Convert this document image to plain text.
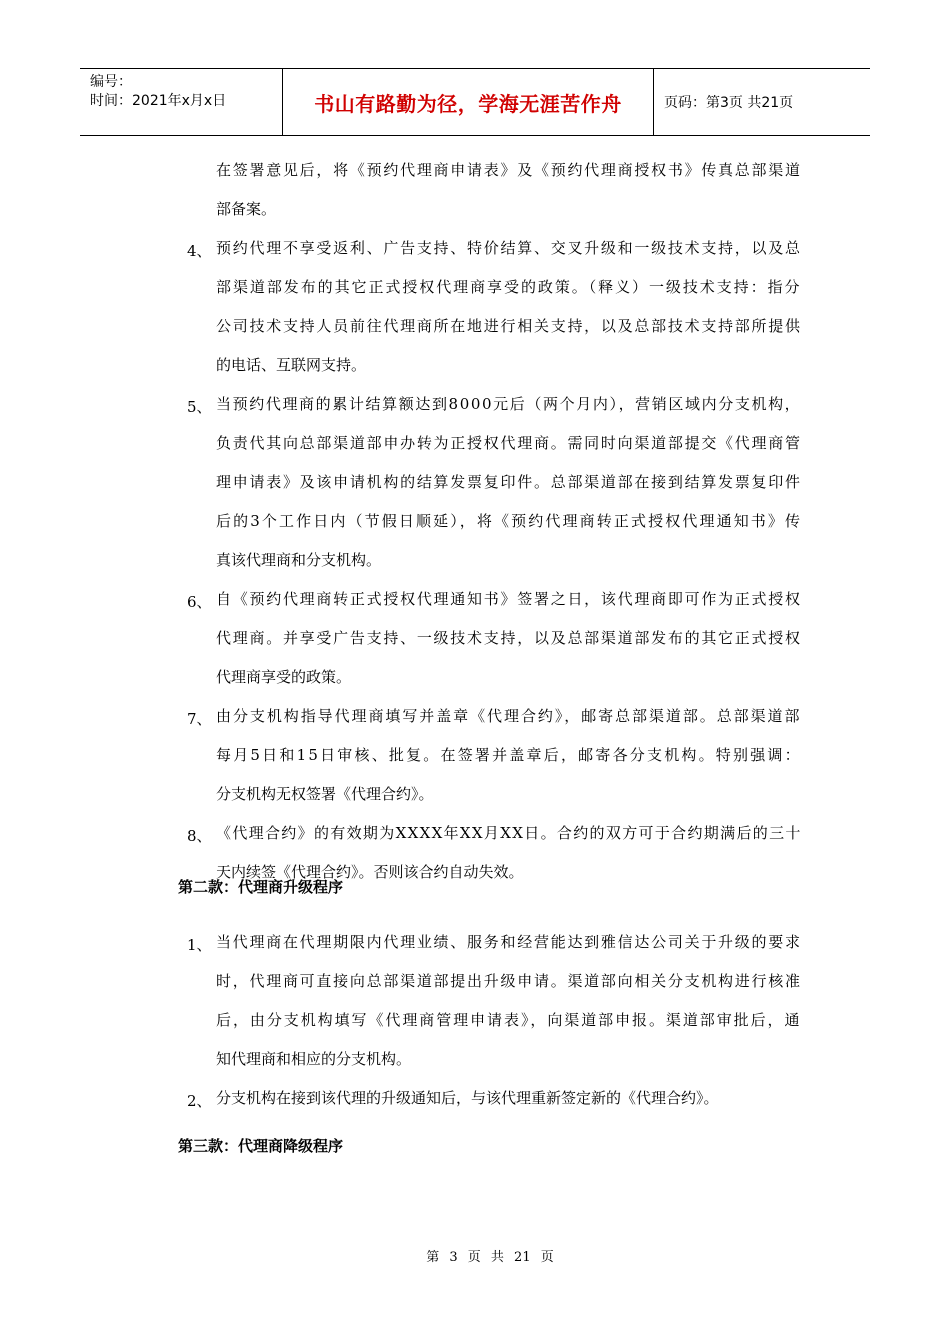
编号：
时间：2021年x月x日	书山有路勤为径，学海无涯苦作舟	页码：第3页 共21页
在签署意见后，将《预约代理商申请表》及《预约代理商授权书》传真总部渠道
部备案。
4、 预约代理不享受返利、广告支持、特价结算、交叉升级和一级技术支持，以及总
部渠道部发布的其它正式授权代理商享受的政策。（释义）一级技术支持：指分
公司技术支持人员前往代理商所在地进行相关支持，以及总部技术支持部所提供
的电话、互联网支持。
5、 当预约代理商的累计结算额达到8000元后（两个月内），营销区域内分支机构，
负责代其向总部渠道部申办转为正授权代理商。需同时向渠道部提交《代理商管
理申请表》及该申请机构的结算发票复印件。总部渠道部在接到结算发票复印件
后的3个工作日内（节假日顺延），将《预约代理商转正式授权代理通知书》传
真该代理商和分支机构。
6、 自《预约代理商转正式授权代理通知书》签署之日，该代理商即可作为正式授权
代理商。并享受广告支持、一级技术支持，以及总部渠道部发布的其它正式授权
代理商享受的政策。
7、 由分支机构指导代理商填写并盖章《代理合约》，邮寄总部渠道部。总部渠道部
每月5日和15日审核、批复。在签署并盖章后，邮寄各分支机构。特别强调：
分支机构无权签署《代理合约》。
8、 《代理合约》的有效期为XXXX年XX月XX日。合约的双方可于合约期满后的三十
天内续签《代理合约》。否则该合约自动失效。
第二款：代理商升级程序
1、 当代理商在代理期限内代理业绩、服务和经营能达到雅信达公司关于升级的要求
时，代理商可直接向总部渠道部提出升级申请。渠道部向相关分支机构进行核准
后，由分支机构填写《代理商管理申请表》，向渠道部申报。渠道部审批后，通
知代理商和相应的分支机构。
2、 分支机构在接到该代理的升级通知后，与该代理重新签定新的《代理合约》。
第三款：代理商降级程序
第 3 页 共 21 页
